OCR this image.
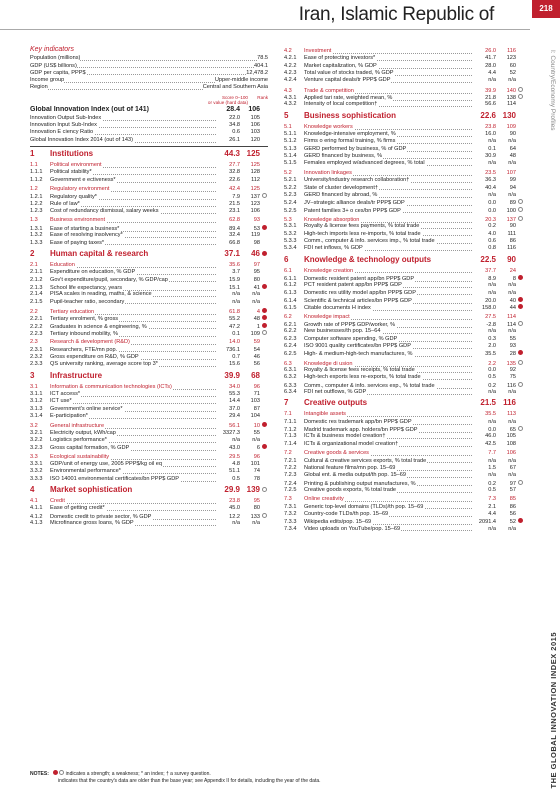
Iran, Islamic Republic of	218
I: Country/Economy Profiles
THE GLOBAL INNOVATION INDEX 2015
Key indicators
Population (millions)	78.5
GDP (US$ billions)	404.1
GDP per capita, PPP$	12,478.2
Income group	Upper-middle income
Region	Central and Southern Asia
Score 0–100
or value (hard data)
Rank
Global Innovation Index (out of 141)	28.4	106
Innovation Output Sub-Index	22.0	105
Innovation Input Sub-Index	34.8	106
Innovation E ciency Ratio	0.6	103
Global Innovation Index 2014 (out of 143)	26.1	120
1	Institutions	44.3 125
1.1	Political environment	27.7	125
1.1.1	Political stability*	32.8	128
1.1.2	Government e ectiveness*	22.6	112
1.2	Regulatory environment	42.4	125
1.2.1	Regulatory quality*	7.9	137
1.2.2	Rule of law*	21.5	123
1.2.3	Cost of redundancy dismissal, salary weeks	23.1	106
1.3	Business environment	62.8	93
1.3.1	Ease of starting a business*	89.4	53
1.3.2	Ease of resolving insolvency*	32.4	119
1.3.3	Ease of paying taxes*	66.8	98
2	Human capital & research	37.1	46
2.1	Education	35.6	97
2.1.1	Expenditure on education, % GDP	3.7	95
2.1.2	Gov't expenditure/pupil, secondary, % GDP/cap	15.9	80
2.1.3	School life expectancy, years	15.1	41
2.1.4	PISA scales in reading, maths, & science	n/a	n/a
2.1.5	Pupil-teacher ratio, secondary	n/a	n/a
2.2	Tertiary education	61.8	4
2.2.1	Tertiary enrolment, % gross	55.2	48
2.2.2	Graduates in science & engineering, %	47.2	1
2.2.3	Tertiary inbound mobility, %	0.1	109
2.3	Research & development (R&D)	14.0	59
2.3.1	Researchers, FTE/mn pop.	736.1	54
2.3.2	Gross expenditure on R&D, % GDP	0.7	46
2.3.3	QS university ranking, average score top 3*	15.6	56
3	Infrastructure	39.9	68
3.1	Information & communication technologies (ICTs)	34.0	96
3.1.1	ICT access*	55.3	71
3.1.2	ICT use*	14.4	103
3.1.3	Government's online service*	37.0	87
3.1.4	E-participation*	29.4	104
3.2	General infrastructure	56.1	10
3.2.1	Electricity output, kWh/cap	3327.3	55
3.2.2	Logistics performance*	n/a	n/a
3.2.3	Gross capital formation, % GDP	43.0	6
3.3	Ecological sustainability	29.5	96
3.3.1	GDP/unit of energy use, 2005 PPP$/kg oil eq	4.8	101
3.3.2	Environmental performance*	51.1	74
3.3.3	ISO 14001 environmental certificates/bn PPP$ GDP	0.5	78
4	Market sophistication	29.9 139
4.1	Credit	23.8	95
4.1.1	Ease of getting credit*	45.0	80
4.1.2	Domestic credit to private sector, % GDP	12.2	133
4.1.3	Microfinance gross loans, % GDP	n/a	n/a
4.2	Investment	26.0	116
4.2.1	Ease of protecting investors*	41.7	123
4.2.2	Market capitalization, % GDP	28.0	60
4.2.3	Total value of stocks traded, % GDP	4.4	52
4.2.4	Venture capital deals/tr PPP$ GDP	n/a	n/a
4.3	Trade & competition	39.9	140
4.3.1	Applied tari rate, weighted mean, %	21.8	138
4.3.2	Intensity of local competition†	56.6	114
5	Business sophistication	22.6 130
5.1	Knowledge workers	23.8	109
5.1.1	Knowledge-intensive employment, %	16.0	90
5.1.2	Firms o ering formal training, % firms	n/a	n/a
5.1.3	GERD performed by business, % of GDP	0.1	64
5.1.4	GERD financed by business, %	30.9	48
5.1.5	Females employed w/advanced degrees, % total	n/a	n/a
5.2	Innovation linkages	23.5	107
5.2.1	University/industry research collaboration†	36.3	99
5.2.2	State of cluster development†	40.4	94
5.2.3	GERD financed by abroad, %	n/a	n/a
5.2.4	JV–strategic alliance deals/tr PPP$ GDP	0.0	89
5.2.5	Patent families 3+ o ces/bn PPP$ GDP	0.0	100
5.3	Knowledge absorption	20.3	137
5.3.1	Royalty & license fees payments, % total trade	0.2	90
5.3.2	High-tech imports less re-imports, % total trade	4.0	111
5.3.3	Comm., computer & info. services imp., % total trade	0.6	86
5.3.4	FDI net inflows, % GDP	0.8	116
6	Knowledge & technology outputs	22.5	90
6.1	Knowledge creation	37.7	24
6.1.1	Domestic resident patent app/bn PPP$ GDP	8.9	8
6.1.2	PCT resident patent app/bn PPP$ GDP	n/a	n/a
6.1.3	Domestic res utility model app/bn PPP$ GDP	n/a	n/a
6.1.4	Scientific & technical articles/bn PPP$ GDP	20.0	40
6.1.5	Citable documents H index	158.0	44
6.2	Knowledge impact	27.5	114
6.2.1	Growth rate of PPP$ GDP/worker, %	-2.8	114
6.2.2	New businesses/th pop. 15–64	n/a	n/a
6.2.3	Computer software spending, % GDP	0.3	55
6.2.4	ISO 9001 quality certificates/bn PPP$ GDP	2.0	93
6.2.5	High- & medium-high-tech manufactures, %	35.5	28
6.3	Knowledge di usion	2.2	135
6.3.1	Royalty & license fees receipts, % total trade	0.0	92
6.3.2	High-tech exports less re-exports, % total trade	0.5	75
6.3.3	Comm., computer & info. services exp., % total trade	0.2	116
6.3.4	FDI net outflows, % GDP	n/a	n/a
7	Creative outputs	21.5 116
7.1	Intangible assets	35.5	113
7.1.1	Domestic res trademark app/bn PPP$ GDP	n/a	n/a
7.1.2	Madrid trademark app. holders/bn PPP$ GDP	0.0	65
7.1.3	ICTs & business model creation†	46.0	105
7.1.4	ICTs & organizational model creation†	42.5	108
7.2	Creative goods & services	7.7	106
7.2.1	Cultural & creative services exports, % total trade	n/a	n/a
7.2.2	National feature films/mn pop. 15–69	1.5	67
7.2.3	Global ent. & media output/th pop. 15–69	n/a	n/a
7.2.4	Printing & publishing output manufactures, %	0.2	97
7.2.5	Creative goods exports, % total trade	0.5	57
7.3	Online creativity	7.3	85
7.3.1	Generic top-level domains (TLDs)/th pop. 15–69	2.1	86
7.3.2	Country-code TLDs/th pop. 15–69	4.4	56
7.3.3	Wikipedia edits/pop. 15–69	2091.4	52
7.3.4	Video uploads on YouTube/pop. 15–69	n/a	n/a
NOTES:	indicates a strength; a weakness; * an index; † a survey question.
indicates that the country's data are older than the base year; see Appendix II for details, including the year of the data.
